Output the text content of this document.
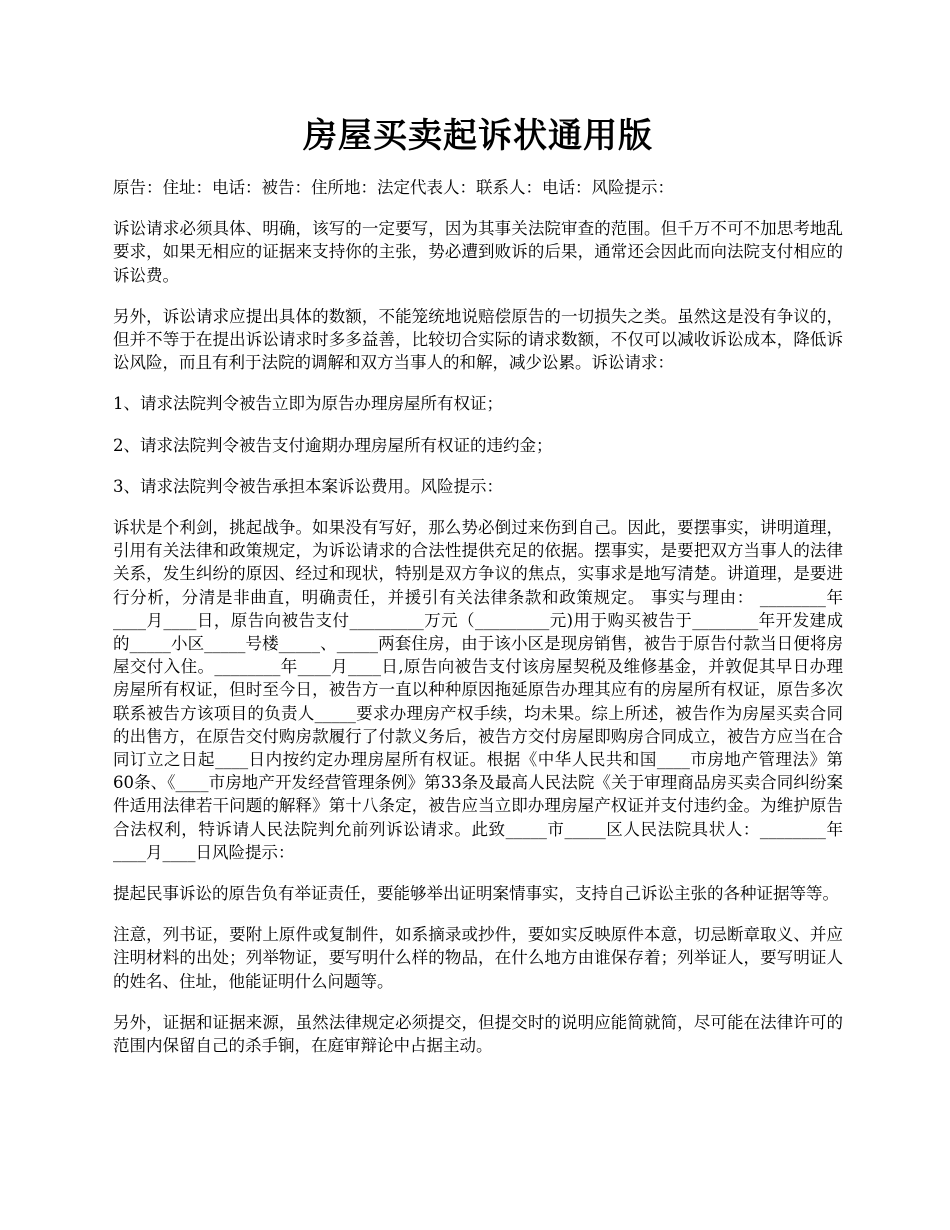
房屋买卖起诉状通用版

原告：住址：电话：被告：住所地：法定代表人：联系人：电话：风险提示：

诉讼请求必须具体、明确，该写的一定要写，因为其事关法院审查的范围。但千万不可不加思考地乱要求，如果无相应的证据来支持你的主张，势必遭到败诉的后果，通常还会因此而向法院支付相应的诉讼费。

另外，诉讼请求应提出具体的数额，不能笼统地说赔偿原告的一切损失之类。虽然这是没有争议的，但并不等于在提出诉讼请求时多多益善，比较切合实际的请求数额，不仅可以减收诉讼成本，降低诉讼风险，而且有利于法院的调解和双方当事人的和解，减少讼累。诉讼请求：

1、请求法院判令被告立即为原告办理房屋所有权证；

2、请求法院判令被告支付逾期办理房屋所有权证的违约金；

3、请求法院判令被告承担本案诉讼费用。风险提示：

诉状是个利剑，挑起战争。如果没有写好，那么势必倒过来伤到自己。因此，要摆事实，讲明道理，引用有关法律和政策规定，为诉讼请求的合法性提供充足的依据。摆事实，是要把双方当事人的法律关系，发生纠纷的原因、经过和现状，特别是双方争议的焦点，实事求是地写清楚。讲道理，是要进行分析，分清是非曲直，明确责任，并援引有关法律条款和政策规定。 事实与理由： ________年____月____日，原告向被告支付_________万元（_________元)用于购买被告于________年开发建成的_____小区_____号楼_____、_____两套住房，由于该小区是现房销售，被告于原告付款当日便将房屋交付入住。________年____月____日,原告向被告支付该房屋契税及维修基金，并敦促其早日办理房屋所有权证，但时至今日，被告方一直以种种原因拖延原告办理其应有的房屋所有权证，原告多次联系被告方该项目的负责人_____要求办理房产权手续，均未果。综上所述，被告作为房屋买卖合同的出售方，在原告交付购房款履行了付款义务后，被告方交付房屋即购房合同成立，被告方应当在合同订立之日起____日内按约定办理房屋所有权证。根据《中华人民共和国____市房地产管理法》第60条、《____市房地产开发经营管理条例》第33条及最高人民法院《关于审理商品房买卖合同纠纷案件适用法律若干问题的解释》第十八条定，被告应当立即办理房屋产权证并支付违约金。为维护原告合法权利，特诉请人民法院判允前列诉讼请求。此致_____市_____区人民法院具状人：________年____月____日风险提示：

提起民事诉讼的原告负有举证责任，要能够举出证明案情事实，支持自己诉讼主张的各种证据等等。

注意，列书证，要附上原件或复制件，如系摘录或抄件，要如实反映原件本意，切忌断章取义、并应注明材料的出处；列举物证，要写明什么样的物品，在什么地方由谁保存着；列举证人，要写明证人的姓名、住址，他能证明什么问题等。

另外，证据和证据来源，虽然法律规定必须提交，但提交时的说明应能简就简，尽可能在法律许可的范围内保留自己的杀手锏，在庭审辩论中占据主动。
